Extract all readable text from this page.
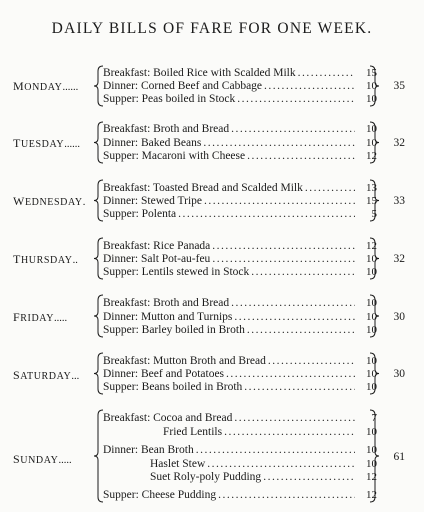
DAILY BILLS OF FARE FOR ONE WEEK.
MONDAY......
Breakfast: Boiled Rice with Scalded Milk .....	15
Dinner: Corned Beef and Cabbage .....	10
Supper: Peas boiled in Stock .....	10
35
TUESDAY......
Breakfast: Broth and Bread .....	10
Dinner: Baked Beans .....	10
Supper: Macaroni with Cheese .....	12
32
WEDNESDAY.
Breakfast: Toasted Bread and Scalded Milk .....	13
Dinner: Stewed Tripe .....	15
Supper: Polenta .....	5
33
THURSDAY..
Breakfast: Rice Panada .....	12
Dinner: Salt Pot-au-feu .....	10
Supper: Lentils stewed in Stock .....	10
32
FRIDAY.....
Breakfast: Broth and Bread .....	10
Dinner: Mutton and Turnips .....	10
Supper: Barley boiled in Broth .....	10
30
SATURDAY...
Breakfast: Mutton Broth and Bread .....	10
Dinner: Beef and Potatoes .....	10
Supper: Beans boiled in Broth .....	10
30
SUNDAY.....
Breakfast: Cocoa and Bread .....	7
Fried Lentils .....	10
Dinner: Bean Broth .....	10
Haslet Stew .....	10
Suet Roly-poly Pudding .....	12
Supper: Cheese Pudding .....	12
61
